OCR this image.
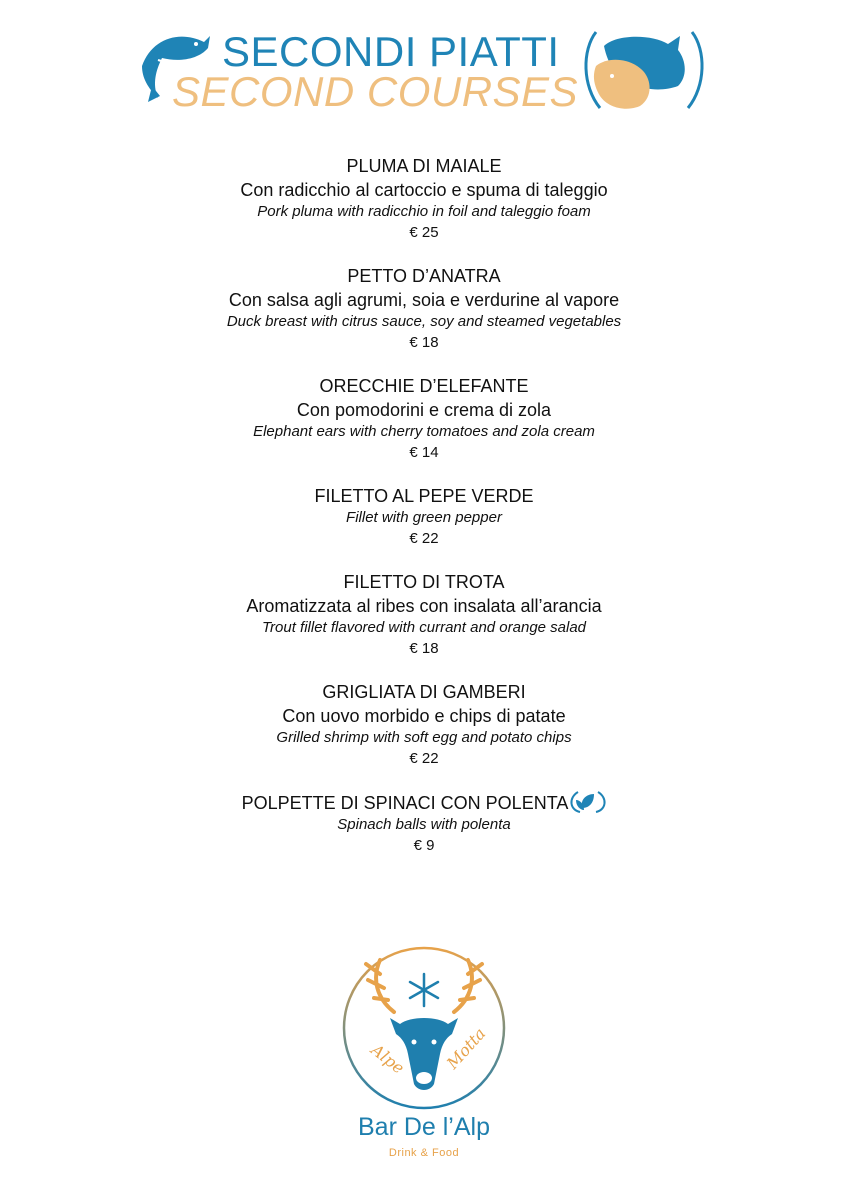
SECONDI PIATTI
SECOND COURSES
PLUMA DI MAIALE
Con radicchio al cartoccio e spuma di taleggio
Pork pluma with radicchio in foil and taleggio foam
€ 25
PETTO D’ANATRA
Con salsa agli agrumi, soia e verdurine al vapore
Duck breast with citrus sauce, soy and steamed vegetables
€ 18
ORECCHIE D’ELEFANTE
Con pomodorini e crema di zola
Elephant ears with cherry tomatoes and zola cream
€ 14
FILETTO AL PEPE VERDE
Fillet with green pepper
€ 22
FILETTO DI TROTA
Aromatizzata al ribes con insalata all’arancia
Trout fillet flavored with currant and orange salad
€ 18
GRIGLIATA DI GAMBERI
Con uovo morbido e chips di patate
Grilled shrimp with soft egg and potato chips
€ 22
POLPETTE DI SPINACI CON POLENTA
Spinach balls with polenta
€ 9
Alpe Motta
Bar De l’Alp
Drink & Food
